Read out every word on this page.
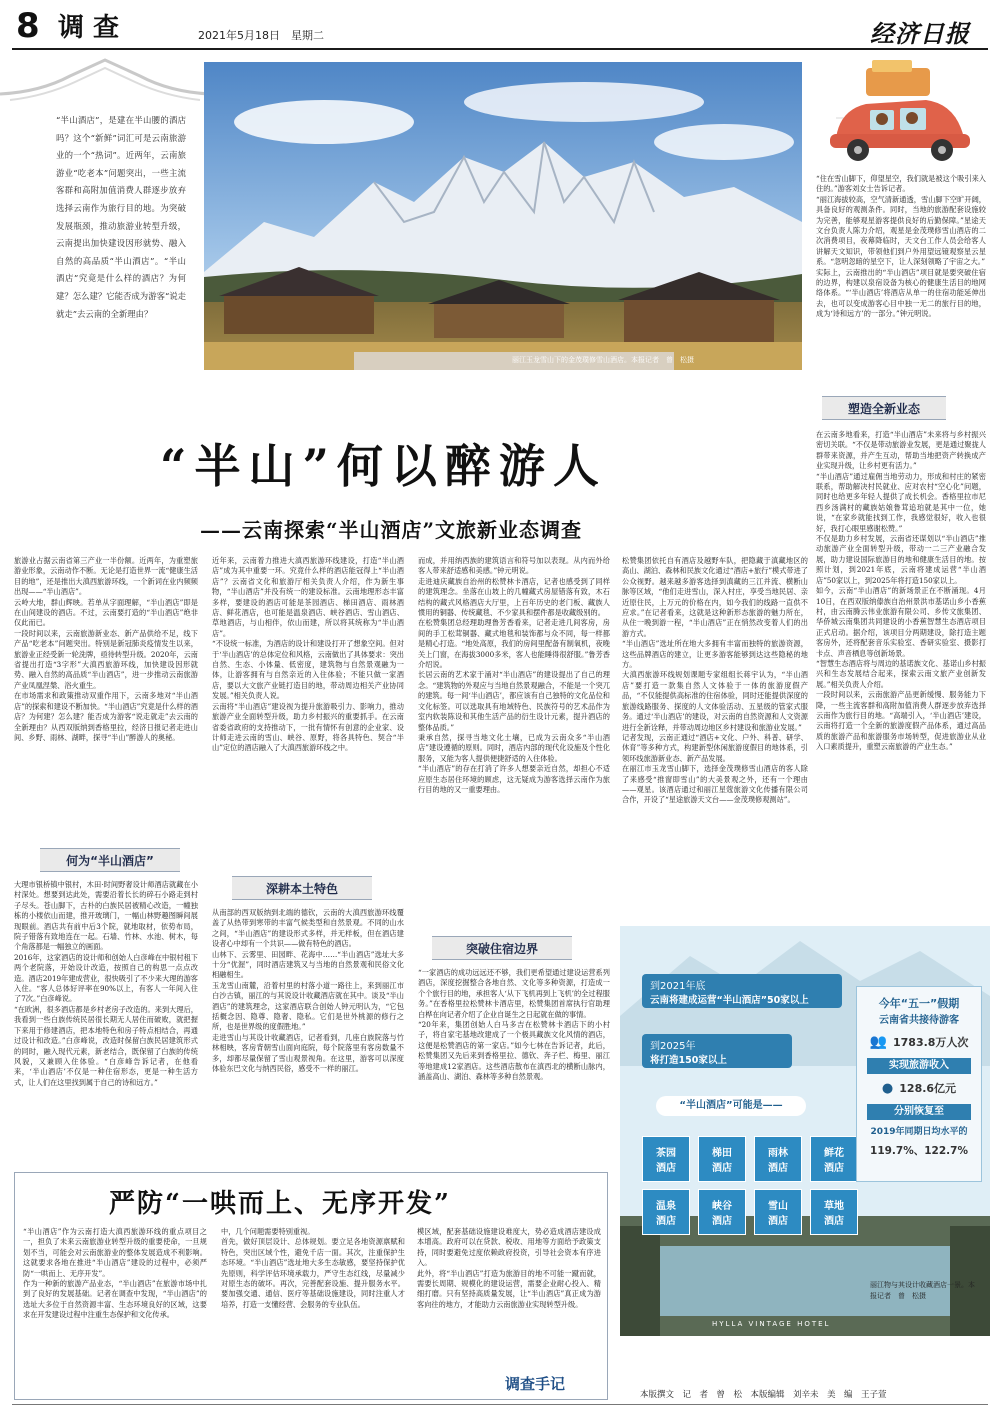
8 调 查	2021年5月18日　星期二	经济日报
“半山酒店”，是建在半山腰的酒店吗？这个“新鲜”词汇可是云南旅游业的一个“热词”。近两年，云南旅游业“吃老本”问题突出，一些主流客群和高附加值消费人群逐步放弃选择云南作为旅行目的地。为突破发展瓶颈，推动旅游业转型升级，云南提出加快建设因形就势、融入自然的高品质“半山酒店”。“半山酒店”究竟是什么样的酒店？为何建？怎么建？它能否成为游客“说走就走”去云南的全新理由？
丽江玉龙雪山下的金茂璞修雪山酒店。本报记者　曾　松摄
“住在雪山脚下，仰望星空，我们就是被这个吸引来入住的。”游客刘女士告诉记者。
“丽江海拔较高，空气清新通透，雪山脚下空旷开阔，具备良好的观测条件。同时，当地的旅游配套设施较为完善，能够观星游客提供良好的后勤保障。”星途天文台负责人陈力介绍，观星是金茂璞修雪山酒店的二次消费项目，夜幕降临时，天文台工作人员会给客人讲解天文知识，带领他们到户外用望远镜观察星云星系。“忽明忽暗的星空下，让人深刻领略了宇宙之大。”
实际上，云南推出的“半山酒店”项目就是要突破住宿的边界，构建以泉宿设备为核心的健康生活目的地网络体系。“‘半山酒店’将酒店从单一的住宿功能延伸出去，也可以变成游客心目中独一无二的旅行目的地，成为‘诗和远方’的一部分。”钟元明说。
塑造全新业态
在云南多地看来，打造“半山酒店”未来将与乡村振兴密切关联。“不仅是带动旅游业发展，更是通过聚拢人群带来资源，并产生互动，帮助当地把资产转换成产业实现升级，让乡村更有活力。”
“半山酒店”通过雇佣当地劳动力，形成和村庄的紧密联系，帮助解决村民就业、应对农村“空心化”问题，同时也给更多年轻人提供了成长机会。香格里拉市尼西乡汤满村的藏族姑娘鲁茸追珀就是其中一位，她说，“在家乡就能找到工作，我感觉很好，收入也很好，我打心眼里感谢松赞。”
不仅是助力乡村发展，云南省还谋划以“半山酒店”推动旅游产业全面转型升级，带动一二三产业融合发展，助力建设国际旅游目的地和健康生活目的地。按照计划，到2021年底，云南将建成运营“半山酒店”50家以上，到2025年将打造150家以上。
如今，云南“半山酒店”的新场景正在不断涌现。4月10日，在西双版纳傣族自治州景洪市基诺山乡小香蕉村，由云南腾云伟业旅游有限公司、乡传文旅集团、华侨城云南集团共同建设的小香蕉智慧生态酒店项目正式启动。据介绍，该项目分两期建设，除打造主题客房外，还将配套音乐实验室、香研实验室、摄影打卡点、声音栖息等创新场景。
“智慧生态酒店将与周边的基诺族文化、基诺山乡村振兴和生态发展结合起来，探索云南文旅产业创新发展。”相关负责人介绍。
一段时间以来，云南旅游产品更新缓慢、服务能力下降，一些主流客群和高附加值消费人群逐步放弃选择云南作为旅行目的地。“高端引入，‘半山酒店’建设，云南将打造一个全新的旅游度假产品体系，通过高品质的旅游产品和旅游服务市场转型，促进旅游业从业入口素质提升，重塑云南旅游的产业生态。”
“半山”何以醉游人
——云南探索“半山酒店”文旅新业态调查
旅游业占据云南省第三产业一半份额。近两年，为重塑旅游业形象，云南动作不断。无论是打造世界一流“健康生活目的地”，还是推出大滇西旅游环线，一个新词在业内频频出现——“半山酒店”。
云岭大地，群山辉映。若单从字面理解，“半山酒店”即是在山间建设的酒店。不过，云南要打造的“半山酒店”绝非仅此而已。
一段时间以来，云南旅游新业态、新产品供给不足，线下产品“吃老本”问题突出。特别是新冠肺炎疫情发生以来，旅游业正经受新一轮洗牌，亟待转型升级。2020年，云南省提出打造“3字形”大滇西旅游环线，加快建设因形就势、融入自然的高品质“半山酒店”，进一步推动云南旅游产业凤凰涅槃、浴火重生。
在市场需求和政策推动双重作用下，云南多地对“半山酒店”的探索和建设不断加快。“半山酒店”究竟是什么样的酒店？为何建？怎么建？能否成为游客“说走就走”去云南的全新理由？从西双版纳到香格里拉，经济日报记者走进山间、乡野、雨林、湖畔，探寻“半山”醉游人的奥秘。
何为“半山酒店”
大理市银桥镇中银村，木田·时间野奢设计师酒店就藏在小村深处。想要到达此处，需要沿着长长的碎石小路走到村子尽头。苍山脚下，古朴的白族民居被精心改造，一幢独栋的小楼依山而建，推开玻璃门，一幅山林野趣图瞬间展现眼前。酒店共有前中后3个院，就地取材，依势布局，院子错落有致地连在一起。石墙、竹林、水池、树木，每个角落都是一幅独立的画面。
2016年，这家酒店的设计师和创始人白彦峰在中银村租下两个老院落，开始设计改造，按照自己的构思一点点改造。酒店2019年建成营业，很快吸引了不少来大理的游客入住。“客人总体好评率在90%以上，有客人一年间入住了7次。”白彦峰说。
“在欧洲，很多酒店都是乡村老房子改造的。来到大理后，我看到一些白族传统民居很长期无人居住而破败，就把握下来用于修建酒店，把本地特色和房子特点相结合，再通过设计和改造。”白彦峰说，改造时保留白族民居建筑形式的同时，融入现代元素，新老结合，既保留了白族的传统风貌，又兼顾入住体验。“白彦峰告诉记者，在他看来，‘半山酒店’不仅是一种住宿形态，更是一种生活方式，让人们在这里找到属于自己的诗和远方。”
近年来，云南着力推进大滇西旅游环线建设，打造“半山酒店”成为其中重要一环。究竟什么样的酒店能冠得上“半山酒店”？云南省文化和旅游厅相关负责人介绍，作为新生事物，“半山酒店”并没有统一的建设标准。云南地理形态丰富多样，要建设的酒店可能是茶园酒店、梯田酒店、雨林酒店、鲜花酒店，也可能是温泉酒店、峡谷酒店、雪山酒店、草地酒店，与山相伴，依山而建，所以将其统称为“半山酒店”。
“不设统一标准，为酒店的设计和建设打开了想象空间。但对于‘半山酒店’的总体定位和风格，云南做出了具体要求：突出自然、生态、小体量、低密度，建筑物与自然景观融为一体，让游客拥有与自然亲近的入住体验；不能只做一家酒店，要以大文旅产业链打造目的地，带动周边相关产业协同发展。”相关负责人说。
云南将“半山酒店”建设视为提升旅游吸引力、影响力，推动旅游产业全面转型升级，助力乡村振兴的重要抓手。在云南省委省政府的支持推动下，一批有情怀有创意的企业家、设计师走进云南的雪山、峡谷、原野，将各具特色、契合“半山”定位的酒店融入了大滇西旅游环线之中。
深耕本土特色
从南部的西双版纳到北端的德钦，云南的大滇西旅游环线覆盖了从热带到寒带的丰富气候类型和自然景观。不同的山水之间，“半山酒店”的建设形式多样，并无样板，但在酒店建设者心中却有一个共识——做有特色的酒店。
山林下、云雾里、田园畔、花海中……“半山酒店”选址大多十分“优渥”，同时酒店建筑又与当地的自然景观和民俗文化相融相生。
玉龙雪山南麓，沿着村里的村落小道一路往上，来到丽江市白沙古镇，丽江的与其说设计收藏酒店就在其中。谈及“半山酒店”的建筑理念，这家酒店联合创始人钟元明认为，“它包括概念因、隐尊、隐奢、隐私。它们是世外桃源的修行之所，也是世界级的度假胜地。”
走进雪山与其设计收藏酒店，记者看到，几座白族院落与竹林相映，客房背朝雪山面向庭院，每个院落里有客房数量不多，却都尽量保留了雪山观景视角。在这里，游客可以深度体验东巴文化与纳西民俗，感受不一样的丽江。
而成，并用纳西族的建筑语言和符号加以表现。从内而外给客人带来舒适感和美感。”钟元明说。
走进迪庆藏族自治州的松赞林卡酒店，记者也感受到了同样的建筑理念。坐落在山坡上的几幢藏式房屋错落有致，木石结构的藏式风格酒店大厅里，上百年历史的老门板、藏族人惯用的铜器、传统藏毯、不少家具和摆件都是收藏级别的。
在松赞集团总经理助理鲁芳香看来，记者走进几间客房，房间的手工松茸铜器、藏式地毯和装饰都与众不同，每一样都是精心打造。“地处高原，我们的房间里配备有制氧机，夜晚关上门窗，在海拔3000多米，客人也能睡得很舒服。”鲁芳香介绍说。
长居云南的艺术家于涌对“半山酒店”的建设提出了自己的理念。“建筑物的外观应与当地自然景观融合，不能是一个突兀的建筑。每一间‘半山酒店’，都应该有自己独特的文化品位和文化标签。可以选取具有地域特色、民族符号的艺术品作为室内软装陈设和其他生活产品的衍生设计元素，提升酒店的整体品质。”
秉承自然，探寻当地文化土壤，已成为云南众多“半山酒店”建设遵循的原则。同时，酒店内部的现代化设施及个性化服务，又能为客人提供便捷舒适的入住体验。
“半山酒店”的存在打消了许多人想要亲近自然，却担心不适应原生态居住环境的顾虑，这无疑成为游客选择云南作为旅行目的地的又一重要理由。
突破住宿边界
“一家酒店的成功远远还不够，我们更希望通过建设运营系列酒店，深度挖掘整合各地自然、文化等多种资源，打造成一个个旅行目的地，承担客人‘从下飞机再到上飞机’的全过程服务。”在香格里拉松赞林卡酒店里，松赞集团首席执行官助理白桦在向记者介绍了企业自诞生之日起就在做的事情。
“20年来，集团创始人白马多吉在松赞林卡酒店下的小村子，将自家宅基地改建成了一个极具藏族文化风情的酒店，这便是松赞酒店的第一家店。”如今七林在告诉记者，此后，松赞集团又先后来到香格里拉、德钦、奔子栏、梅里、丽江等地建成12家酒店。这些酒店散布在滇西北的横断山脉内，涵盖高山、湖泊、森林等多种自然景观。
松赞集团依托自有酒店及越野车队，把隐藏于滇藏地区的高山、湖泊、森林和民族文化通过“酒店+旅行”模式带进了公众视野。越来越多游客选择到滇藏的三江并流、横断山脉等区域，“他们走进雪山，深入村庄，享受当地民居、亲近原住民，上万元的价格在内，如今我们的线路一直供不应求。”在记者看来，这就是这种新形态旅游的魅力所在，从住一晚到游一程，“半山酒店”正在悄然改变着人们的出游方式。
“半山酒店”选址所在地大多拥有丰富而独特的旅游资源，这些品牌酒店的建立，让更多游客能够到达这些隐秘的地方。
大滇西旅游环线规划课题专家组组长蒋宇认为，“半山酒店”要打造一款集自然人文体验于一体的旅游度假产品，“不仅能提供高标准的住宿体验，同时还能提供深度的旅游线路服务、探度的人文体验活动、五星级的管家式服务。通过‘半山酒店’的建设，对云南的自然资源和人文资源进行全新诠释，并带动周边地区乡村建设和旅游业发展。”
记者发现，云南正通过“酒店+文化、户外、科普、研学、休育”等多种方式，构建新型休闲旅游度假目的地体系，引领环线旅游新业态、新产品发展。
在丽江市玉龙雪山脚下，选择金茂璞修雪山酒店的客人除了来感受“推窗即雪山”的大美景观之外，还有一个理由——观星。该酒店通过和丽江星蔻旅游文化传播有限公司合作，开设了“星途旅游天文台——金茂璞修观测站”。
到2021年底
云南将建成运营“半山酒店”50家以上
到2025年
将打造150家以上
“半山酒店”可能是——
茶园
酒店
梯田
酒店
雨林
酒店
鲜花
酒店
温泉
酒店
峡谷
酒店
雪山
酒店
草地
酒店
今年“五一”假期
云南省共接待游客
👥 1783.8万人次
实现旅游收入
● 128.6亿元
分别恢复至
2019年同期日均水平的
119.7%、122.7%
HYLLA VINTAGE HOTEL
丽江物与其设计收藏酒店一景。本报记者　曾　松摄
严防“一哄而上、无序开发”
“半山酒店”作为云南打造大滇西旅游环线的重点项目之一，担负了未来云南旅游业转型升级的重要使命，一旦规划不当，可能会对云南旅游业的整体发展造成不利影响。这就要求各地在推进“半山酒店”建设的过程中，必须严防“一哄而上、无序开发”。
作为一种新的旅游产品业态，“半山酒店”在旅游市场中扎到了良好的发展基础。记者在调查中发现，“半山酒店”的选址大多位于自然资源丰富、生态环境良好的区域，这要求在开发建设过程中注重生态保护和文化传承。
中，几个问题需要特别重视。
首先，做好顶层设计、总体规划。要立足各地资源禀赋和特色，突出区域个性，避免千店一面。其次，注重保护生态环境。“半山酒店”选址地大多生态敏感，要坚持保护优先原则，科学评估环境承载力，严守生态红线，尽量减少对原生态的破坏。再次，完善配套设施、提升服务水平。要加强交通、通信、医疗等基础设施建设，同时注重人才培养，打造一支懂经营、会服务的专业队伍。
模区域，配套基础设施建设难度大，势必造成酒店建设成本增高。政府可以在贷款、税收、用地等方面给予政策支持，同时要避免过度依赖政府投资，引导社会资本有序进入。
此外，将“半山酒店”打造为旅游目的地不可能一蹴而就，需要长周期、规模化的建设运营，需要企业耐心投入、精细打磨。只有坚持高质量发展，让“半山酒店”真正成为游客向往的地方，才能助力云南旅游业实现转型升级。
调查手记
本版撰文　记　者　曾　松　本版编辑　刘辛未　美　编　王子萱
